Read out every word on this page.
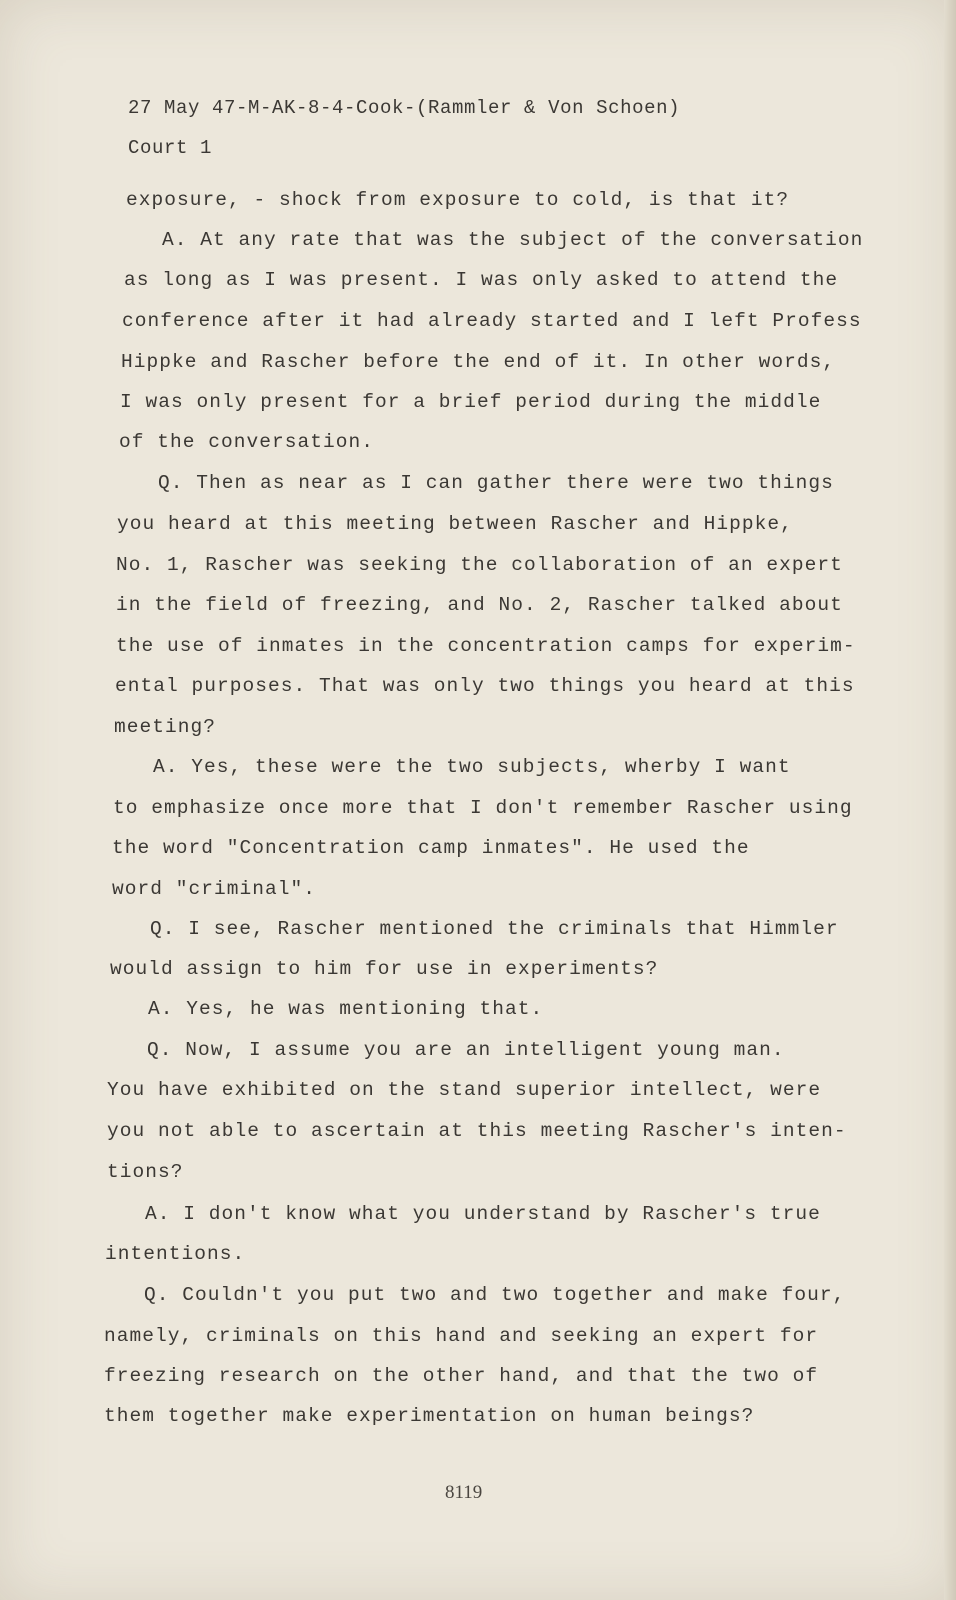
27 May 47-M-AK-8-4-Cook-(Rammler & Von Schoen)
Court 1
exposure, - shock from exposure to cold, is that it?
A. At any rate that was the subject of the conversation
as long as I was present. I was only asked to attend the
conference after it had already started and I left Profess
Hippke and Rascher before the end of it. In other words,
I was only present for a brief period during the middle
of the conversation.
Q. Then as near as I can gather there were two things
you heard at this meeting between Rascher and Hippke,
No. 1, Rascher was seeking the collaboration of an expert
in the field of freezing, and No. 2, Rascher talked about
the use of inmates in the concentration camps for experim-
ental purposes. That was only two things you heard at this
meeting?
A. Yes, these were the two subjects, wherby I want
to emphasize once more that I don't remember Rascher using
the word "Concentration camp inmates". He used the
word "criminal".
Q. I see, Rascher mentioned the criminals that Himmler
would assign to him for use in experiments?
A. Yes, he was mentioning that.
Q. Now, I assume you are an intelligent young man.
You have exhibited on the stand superior intellect, were
you not able to ascertain at this meeting Rascher's inten-
tions?
A. I don't know what you understand by Rascher's true
intentions.
Q. Couldn't you put two and two together and make four,
namely, criminals on this hand and seeking an expert for
freezing research on the other hand, and that the two of
them together make experimentation on human beings?
8119
